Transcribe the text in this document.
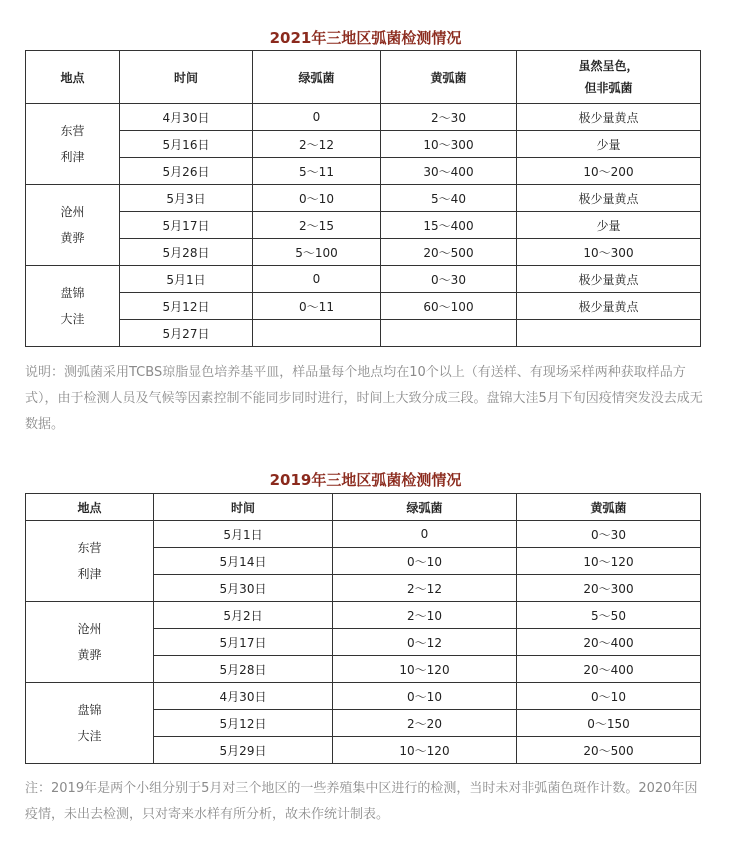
2021年三地区弧菌检测情况
地点	时间	绿弧菌	黄弧菌	虽然呈色，
但非弧菌

东营
利津	4月30日	0	2～30	极少量黄点
	5月16日	2～12	10～300	少量
	5月26日	5～11	30～400	10～200

沧州
黄骅	5月3日	0～10	5～40	极少量黄点
	5月17日	2～15	15～400	少量
	5月28日	5～100	20～500	10～300

盘锦
大洼	5月1日	0	0～30	极少量黄点
	5月12日	0～11	60～100	极少量黄点
	5月27日			

说明：测弧菌采用TCBS琼脂显色培养基平皿，样品量每个地点均在10个以上（有送样、有现场采样两种获取样品方式），由于检测人员及气候等因素控制不能同步同时进行，时间上大致分成三段。盘锦大洼5月下旬因疫情突发没去成无数据。

2019年三地区弧菌检测情况
地点	时间	绿弧菌	黄弧菌

东营
利津	5月1日	0	0～30
	5月14日	0～10	10～120
	5月30日	2～12	20～300

沧州
黄骅	5月2日	2～10	5～50
	5月17日	0～12	20～400
	5月28日	10～120	20～400

盘锦
大洼	4月30日	0～10	0～10
	5月12日	2～20	0～150
	5月29日	10～120	20～500

注：2019年是两个小组分别于5月对三个地区的一些养殖集中区进行的检测，当时未对非弧菌色斑作计数。2020年因疫情，未出去检测，只对寄来水样有所分析，故未作统计制表。
